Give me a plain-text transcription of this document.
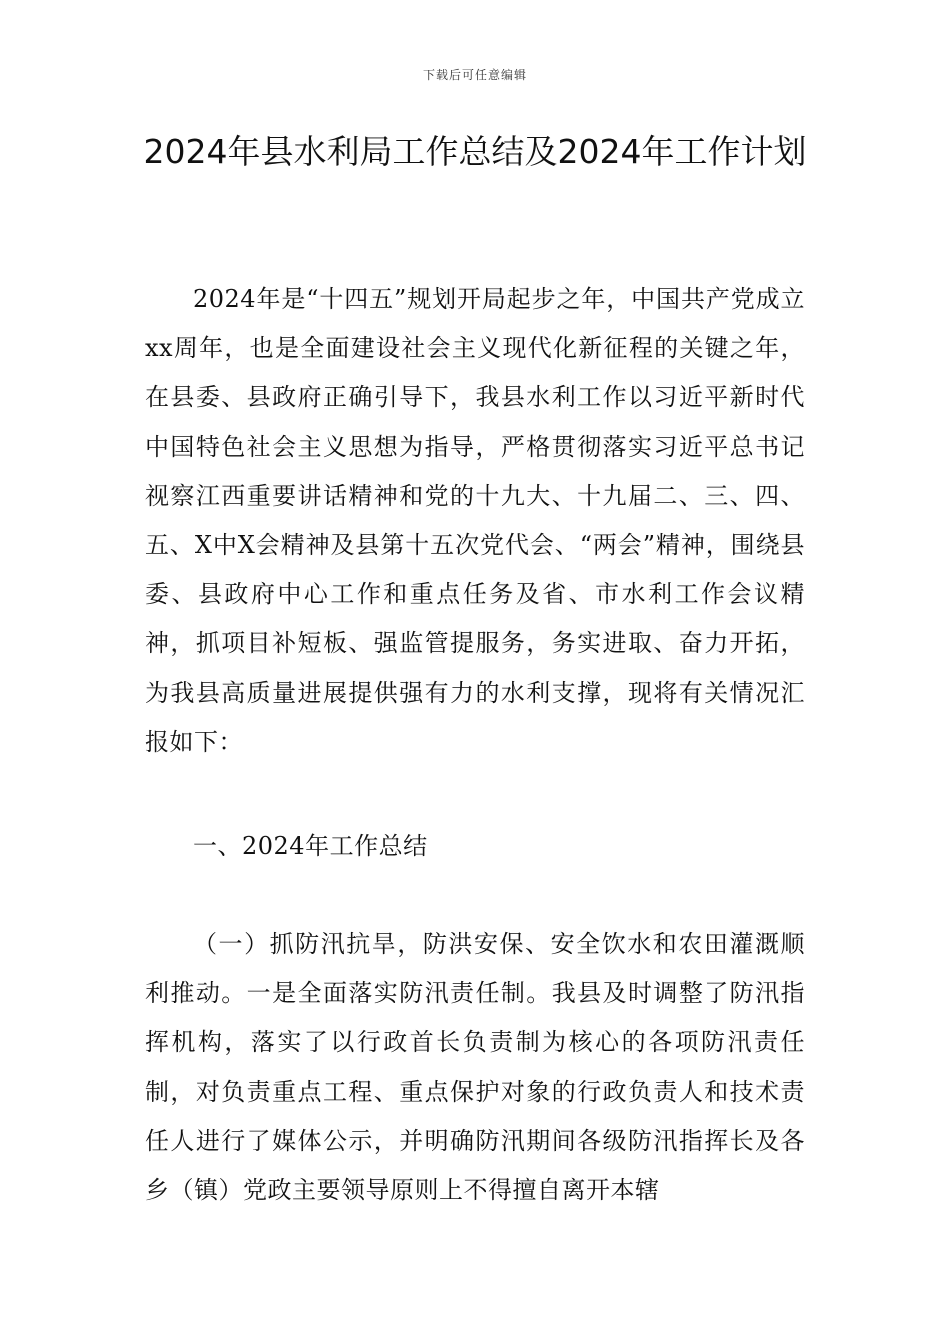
下载后可任意编辑
2024年县水利局工作总结及2024年工作计划

2024年是“十四五”规划开局起步之年，中国共产党成立xx周年，也是全面建设社会主义现代化新征程的关键之年，在县委、县政府正确引导下，我县水利工作以习近平新时代中国特色社会主义思想为指导，严格贯彻落实习近平总书记视察江西重要讲话精神和党的十九大、十九届二、三、四、五、X中X会精神及县第十五次党代会、“两会”精神，围绕县委、县政府中心工作和重点任务及省、市水利工作会议精神，抓项目补短板、强监管提服务，务实进取、奋力开拓，为我县高质量进展提供强有力的水利支撑，现将有关情况汇报如下：

一、2024年工作总结

（一）抓防汛抗旱，防洪安保、安全饮水和农田灌溉顺利推动。一是全面落实防汛责任制。我县及时调整了防汛指挥机构，落实了以行政首长负责制为核心的各项防汛责任制，对负责重点工程、重点保护对象的行政负责人和技术责任人进行了媒体公示，并明确防汛期间各级防汛指挥长及各乡（镇）党政主要领导原则上不得擅自离开本辖
